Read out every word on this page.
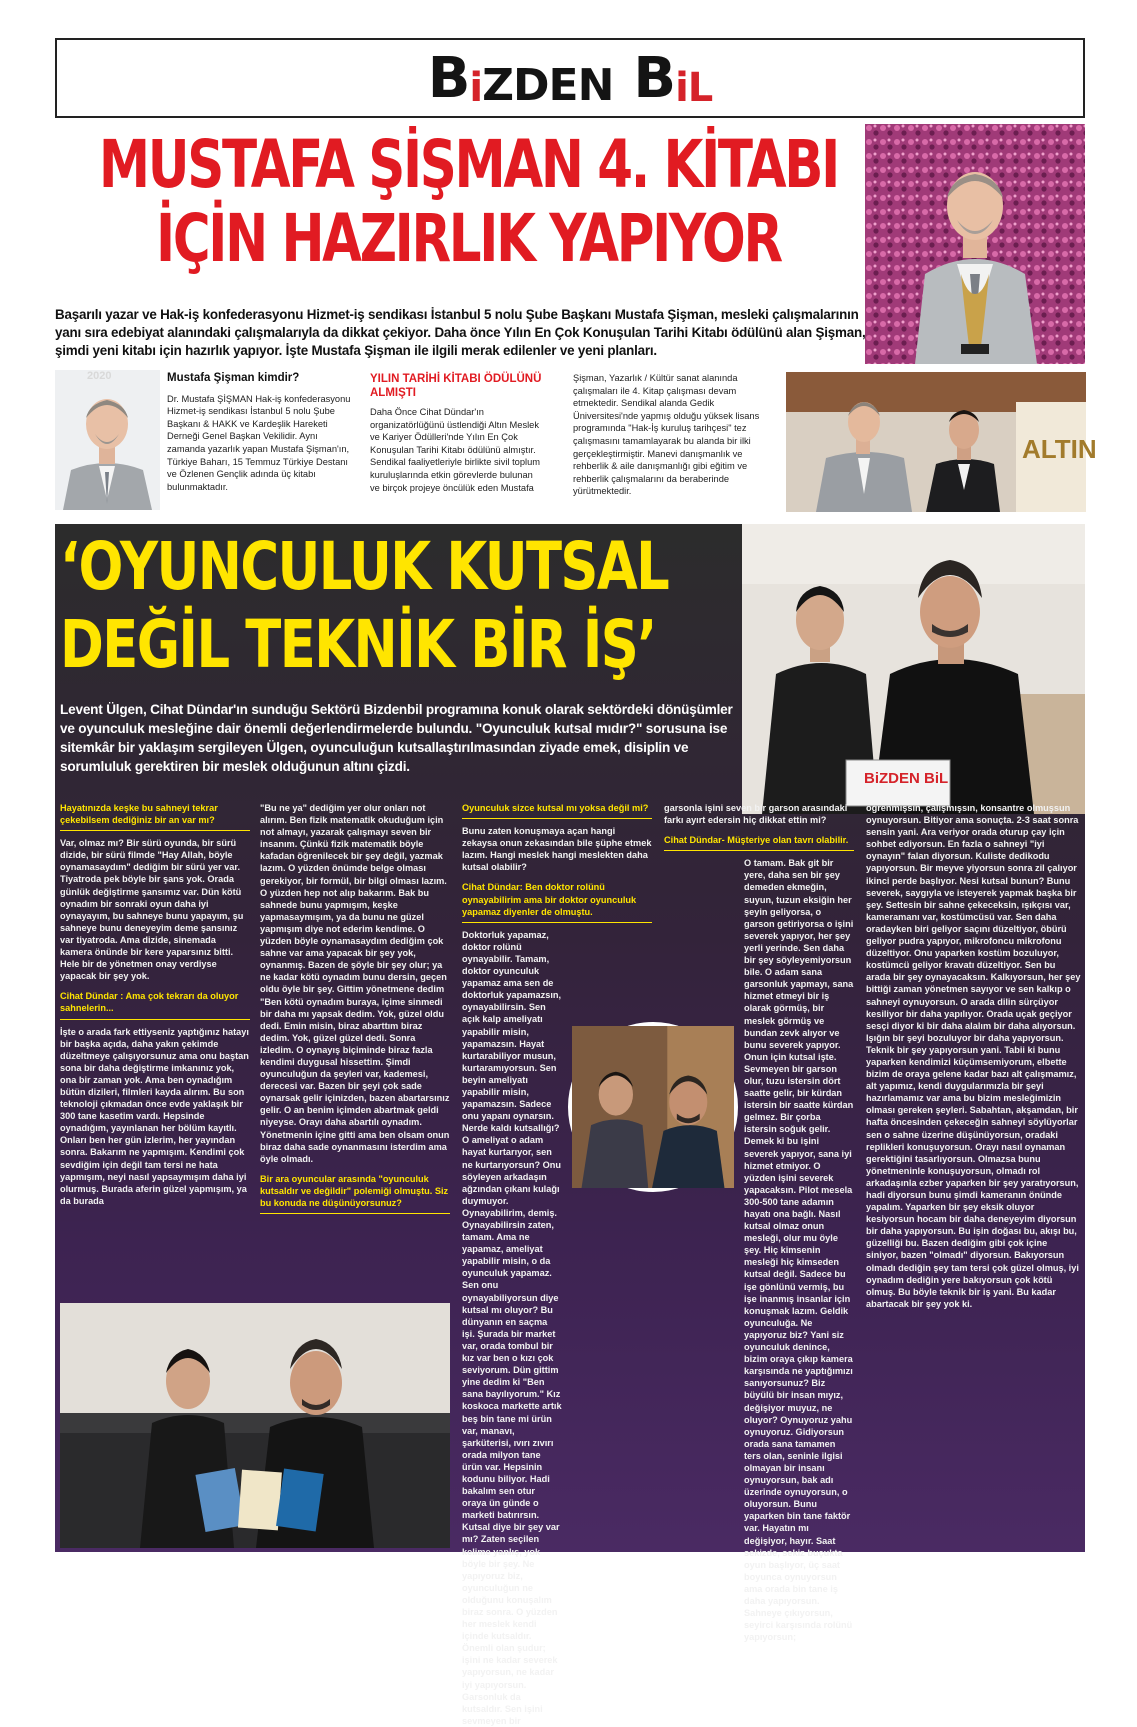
B i ZDEN B iL
MUSTAFA ŞİŞMAN 4. KİTABI
İÇİN HAZIRLIK YAPIYOR
Başarılı yazar ve Hak-iş konfederasyonu Hizmet-iş sendikası İstanbul 5 nolu Şube Başkanı Mustafa Şişman, mesleki çalışmalarının yanı sıra edebiyat alanındaki çalışmalarıyla da dikkat çekiyor. Daha önce Yılın En Çok Konuşulan Tarihi Kitabı ödülünü alan Şişman, şimdi yeni kitabı için hazırlık yapıyor. İşte Mustafa Şişman ile ilgili merak edilenler ve yeni planları.
2020	Mustafa Şişman kimdir?
Dr. Mustafa ŞİŞMAN Hak-iş konfederasyonu Hizmet-iş sendikası İstanbul 5 nolu Şube Başkanı & HAKK ve Kardeşlik Hareketi Derneği Genel Başkan Vekilidir. Aynı zamanda yazarlık yapan Mustafa Şişman'ın, Türkiye Baharı, 15 Temmuz Türkiye Destanı ve Özlenen Gençlik adında üç kitabı bulunmaktadır.
YILIN TARİHİ KİTABI ÖDÜLÜNÜ ALMIŞTI
Daha Önce Cihat Dündar'ın organizatörlüğünü üstlendiği Altın Meslek ve Kariyer Ödülleri'nde Yılın En Çok Konuşulan Tarihi Kitabı ödülünü almıştır. Sendikal faaliyetleriyle birlikte sivil toplum kuruluşlarında etkin görevlerde bulunan ve birçok projeye öncülük eden Mustafa
Şişman, Yazarlık / Kültür sanat alanında çalışmaları ile 4. Kitap çalışması devam etmektedir. Sendikal alanda Gedik Üniversitesi'nde yapmış olduğu yüksek lisans programında "Hak-İş kuruluş tarihçesi" tez çalışmasını tamamlayarak bu alanda bir ilki gerçekleştirmiştir. Manevi danışmanlık ve rehberlik & aile danışmanlığı gibi eğitim ve rehberlik çalışmalarını da beraberinde yürütmektedir.
ALTIN
‘OYUNCULUK KUTSAL
DEĞİL TEKNİK BİR İŞ’
BiZDEN BiL
Levent Ülgen, Cihat Dündar'ın sunduğu Sektörü Bizdenbil programına konuk olarak sektördeki dönüşümler ve oyunculuk mesleğine dair önemli değerlendirmelerde bulundu. "Oyunculuk kutsal mıdır?" sorusuna ise sitemkâr bir yaklaşım sergileyen Ülgen, oyunculuğun kutsallaştırılmasından ziyade emek, disiplin ve sorumluluk gerektiren bir meslek olduğunun altını çizdi.
Hayatınızda keşke bu sahneyi tekrar çekebilsem dediğiniz bir an var mı?

Var, olmaz mı? Bir sürü oyunda, bir sürü dizide, bir sürü filmde "Hay Allah, böyle oynamasaydım" dediğim bir sürü yer var. Tiyatroda pek böyle bir şans yok. Orada günlük değiştirme şansımız var. Dün kötü oynadım bir sonraki oyun daha iyi oynayayım, bu sahneye bunu yapayım, şu sahneye bunu deneyeyim deme şansınız var tiyatroda. Ama dizide, sinemada kamera önünde bir kere yaparsınız bitti. Hele bir de yönetmen onay verdiyse yapacak bir şey yok.

Cihat Dündar : Ama çok tekrarı da oluyor sahnelerin...

İşte o arada fark ettiyseniz yaptığınız hatayı bir başka açıda, daha yakın çekimde düzeltmeye çalışıyorsunuz ama onu baştan sona bir daha değiştirme imkanınız yok, ona bir zaman yok. Ama ben oynadığım bütün dizileri, filmleri kayda alırım. Bu son teknoloji çıkmadan önce evde yaklaşık bir 300 tane kasetim vardı. Hepsinde oynadığım, yayınlanan her bölüm kayıtlı. Onları ben her gün izlerim, her yayından sonra. Bakarım ne yapmışım. Kendimi çok sevdiğim için değil tam tersi ne hata yapmışım, neyi nasıl yapsaymışım daha iyi olurmuş. Burada aferin güzel yapmışım, ya da burada

"Bu ne ya" dediğim yer olur onları not alırım. Ben fizik matematik okuduğum için not almayı, yazarak çalışmayı seven bir insanım. Çünkü fizik matematik böyle kafadan öğrenilecek bir şey değil, yazmak lazım. O yüzden önümde belge olması gerekiyor, bir formül, bir bilgi olması lazım. O yüzden hep not alıp bakarım. Bak bu sahnede bunu yapmışım, keşke yapmasaymışım, ya da bunu ne güzel yapmışım diye not ederim kendime. O yüzden böyle oynamasaydım dediğim çok sahne var ama yapacak bir şey yok, oynanmış. Bazen de şöyle bir şey olur; ya ne kadar kötü oynadım bunu dersin, geçen oldu öyle bir şey. Gittim yönetmene dedim "Ben kötü oynadım buraya, içime sinmedi bir daha mı yapsak dedim. Yok, güzel oldu dedi. Emin misin, biraz abarttım biraz dedim. Yok, güzel güzel dedi. Sonra izledim. O oynayış biçiminde biraz fazla kendimi duygusal hissettim. Şimdi oyunculuğun da şeyleri var, kademesi, derecesi var. Bazen bir şeyi çok sade oynarsak gelir içinizden, bazen abartarsınız gelir. O an benim içimden abartmak geldi niyeyse. Orayı daha abartılı oynadım. Yönetmenin içine gitti ama ben olsam onun biraz daha sade oynanmasını isterdim ama öyle olmadı.

Bir ara oyuncular arasında "oyunculuk kutsaldır ve değildir" polemiği olmuştu. Siz bu konuda ne düşünüyorsunuz?
Oyunculuk sizce kutsal mı yoksa değil mi?

Bunu zaten konuşmaya açan hangi zekaysa onun zekasından bile şüphe etmek lazım. Hangi meslek hangi meslekten daha kutsal olabilir?

Cihat Dündar: Ben doktor rolünü oynayabilirim ama bir doktor oyunculuk yapamaz diyenler de olmuştu.

Doktorluk yapamaz, doktor rolünü oynayabilir. Tamam, doktor oyunculuk yapamaz ama sen de doktorluk yapamazsın, oynayabilirsin. Sen açık kalp ameliyatı yapabilir misin, yapamazsın. Hayat kurtarabiliyor musun, kurtaramıyorsun. Sen beyin ameliyatı yapabilir misin, yapamazsın. Sadece onu yapanı oynarsın. Nerde kaldı kutsallığı? O ameliyat o adam hayat kurtarıyor, sen ne kurtarıyorsun? Onu söyleyen arkadaşın ağzından çıkanı kulağı duymuyor. Oynayabilirim, demiş. Oynayabilirsin zaten, tamam. Ama ne yapamaz, ameliyat yapabilir misin, o da oyunculuk yapamaz. Sen onu oynayabiliyorsun diye kutsal mı oluyor? Bu dünyanın en saçma işi. Şurada bir market var, orada tombul bir kız var ben o kızı çok seviyorum. Dün gittim yine dedim ki "Ben sana bayılıyorum." Kız koskoca markette artık beş bin tane mi ürün var, manavı, şarküterisi, ıvırı zıvırı orada milyon tane ürün var. Hepsinin kodunu biliyor. Hadi bakalım sen otur oraya ün günde o marketi batırırsın. Kutsal diye bir şey var mı? Zaten seçilen kelime yanlış, yok böyle bir şey. Ne yapıyoruz biz, oyunculuğun ne olduğunu konuşalım biraz sonra. O yüzden her meslek kendi içinde kutsaldır. Önemli olan şudur; işini ne kadar severek yapıyorsun, ne kadar iyi yapıyorsun. Garsonluk da kutsaldır. Sen işini sevmeyen bir

garsonla işini seven bir garson arasındaki farkı ayırt edersin hiç dikkat ettin mi?

Cihat Dündar- Müşteriye olan tavrı olabilir.

O tamam. Bak git bir yere, daha sen bir şey demeden ekmeğin, suyun, tuzun eksiğin her şeyin geliyorsa, o garson getiriyorsa o işini severek yapıyor, her şey yerli yerinde. Sen daha bir şey söyleyemiyorsun bile. O adam sana garsonluk yapmayı, sana hizmet etmeyi bir iş olarak görmüş, bir meslek görmüş ve bundan zevk alıyor ve bunu severek yapıyor. Onun için kutsal işte. Sevmeyen bir garson olur, tuzu istersin dört saatte gelir, bir kürdan istersin bir saatte kürdan gelmez. Bir çorba istersin soğuk gelir. Demek ki bu işini severek yapıyor, sana iyi hizmet etmiyor. O yüzden işini severek yapacaksın. Pilot mesela 300-500 tane adamın hayatı ona bağlı. Nasıl kutsal olmaz onun mesleği, olur mu öyle şey. Hiç kimsenin mesleği hiç kimseden kutsal değil. Sadece bu işe gönlünü vermiş, bu işe inanmış insanlar için konuşmak lazım. Geldik oyunculuğa. Ne yapıyoruz biz? Yani siz oyunculuk denince, bizim oraya çıkıp kamera karşısında ne yaptığımızı sanıyorsunuz? Biz büyülü bir insan mıyız, değişiyor muyuz, ne oluyor? Oynuyoruz yahu oynuyoruz. Gidiyorsun orada sana tamamen ters olan, seninle ilgisi olmayan bir insanı oynuyorsun, bak adı üzerinde oynuyorsun, o oluyorsun. Bunu yaparken bin tane faktör var. Hayatın mı değişiyor, hayır. Saat sekizde, sekiz buçukta oyun başlıyor, üç saat boyunca oynuyorsun ama orada bin tane iş daha yapıyorsun. Sahneye çıkıyorsun, seyirci karşısında rolünü yapıyorsun;

öğrenmişsin, çalışmışsın, konsantre olmuşsun oynuyorsun. Bitiyor ama sonuçta. 2-3 saat sonra sensin yani. Ara veriyor orada oturup çay için sohbet ediyorsun. En fazla o sahneyi "iyi oynayın" falan diyorsun. Kuliste dedikodu yapıyorsun. Bir meyve yiyorsun sonra zil çalıyor ikinci perde başlıyor. Nesi kutsal bunun? Bunu severek, saygıyla ve isteyerek yapmak başka bir şey. Settesin bir sahne çekeceksin, ışıkçısı var, kameramanı var, kostümcüsü var. Sen daha oradayken biri geliyor saçını düzeltiyor, öbürü geliyor pudra yapıyor, mikrofoncu mikrofonu düzeltiyor. Onu yaparken kostüm bozuluyor, kostümcü geliyor kravatı düzeltiyor. Sen bu arada bir şey oynayacaksın. Kalkıyorsun, her şey bittiği zaman yönetmen sayıyor ve sen kalkıp o sahneyi oynuyorsun. O arada dilin sürçüyor kesiliyor bir daha yapılıyor. Orada uçak geçiyor sesçi diyor ki bir daha alalım bir daha alıyorsun. Işığın bir şeyi bozuluyor bir daha yapıyorsun. Teknik bir şey yapıyorsun yani. Tabii ki bunu yaparken kendimizi küçümsemiyorum, elbette bizim de oraya gelene kadar bazı alt çalışmamız, alt yapımız, kendi duygularımızla bir şeyi hazırlamamız var ama bu bizim mesleğimizin olması gereken şeyleri. Sabahtan, akşamdan, bir hafta öncesinden çekeceğin sahneyi söylüyorlar sen o sahne üzerine düşünüyorsun, oradaki replikleri konuşuyorsun. Orayı nasıl oynaman gerektiğini tasarlıyorsun. Olmazsa bunu yönetmeninle konuşuyorsun, olmadı rol arkadaşınla ezber yaparken bir şey yaratıyorsun, hadi diyorsun bunu şimdi kameranın önünde yapalım. Yaparken bir şey eksik oluyor kesiyorsun hocam bir daha deneyeyim diyorsun bir daha yapıyorsun. Bu işin doğası bu, akışı bu, güzelliği bu. Bazen dediğim gibi çok içine siniyor, bazen "olmadı" diyorsun. Bakıyorsun olmadı dediğin şey tam tersi çok güzel olmuş, iyi oynadım dediğin yere bakıyorsun çok kötü olmuş. Bu böyle teknik bir iş yani. Bu kadar abartacak bir şey yok ki.
